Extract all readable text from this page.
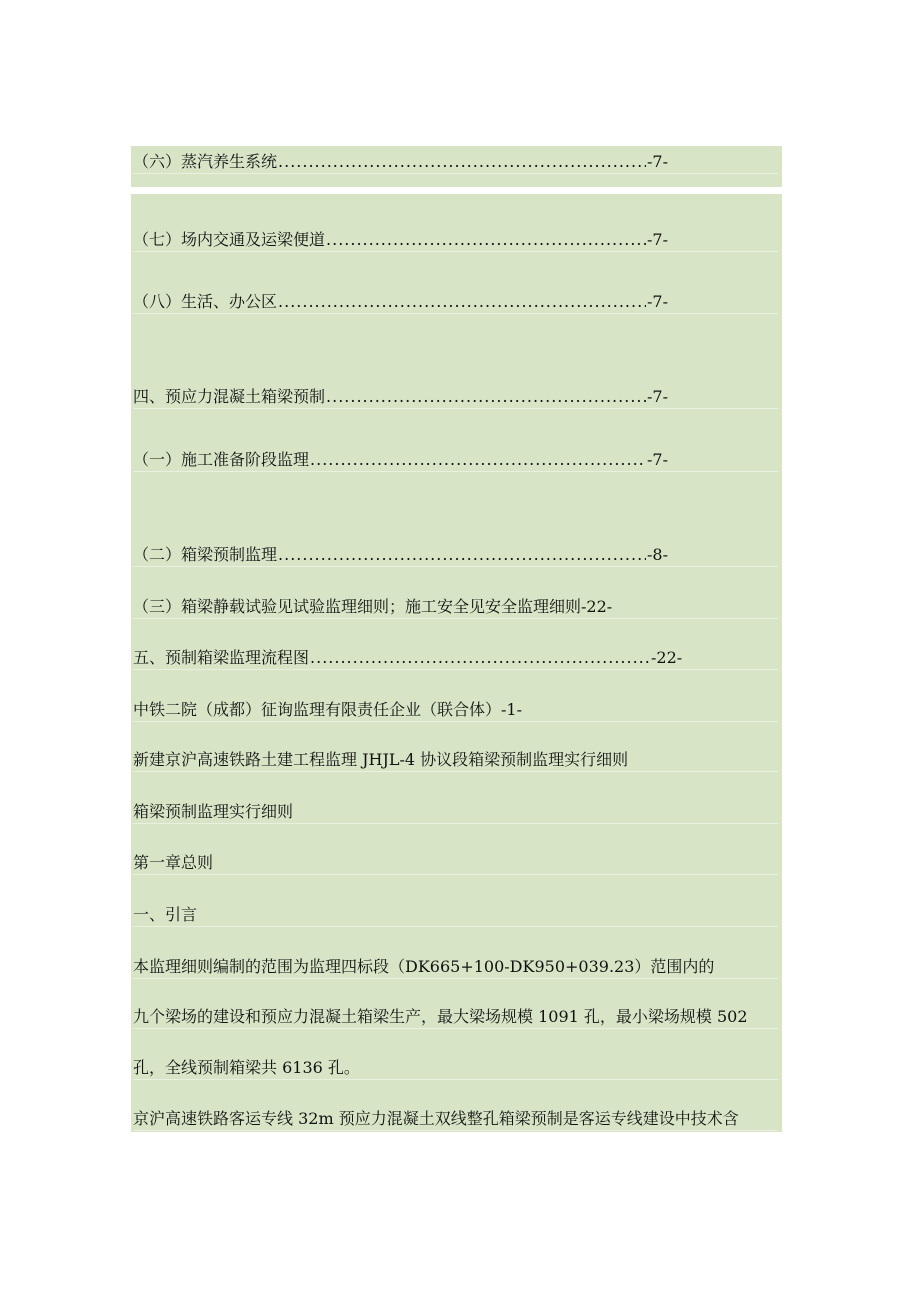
（六）蒸汽养生系统 .....	-7-
（七）场内交通及运梁便道 .....	-7-
（八）生活、办公区 .....	-7-
四、预应力混凝土箱梁预制 .....	-7-
（一）施工准备阶段监理 .....	-7-
（二）箱梁预制监理 .....	-8-
（三）箱梁静载试验见试验监理细则；施工安全见安全监理细则-22-
五、预制箱梁监理流程图 .....	-22-
中铁二院（成都）征询监理有限责任企业（联合体）-1-
新建京沪高速铁路土建工程监理 JHJL-4 协议段箱梁预制监理实行细则
箱梁预制监理实行细则
第一章总则
一、引言
本监理细则编制的范围为监理四标段（DK665+100-DK950+039.23）范围内的
九个梁场的建设和预应力混凝土箱梁生产，最大梁场规模 1091 孔，最小梁场规模 502
孔，全线预制箱梁共 6136 孔。
京沪高速铁路客运专线 32m 预应力混凝土双线整孔箱梁预制是客运专线建设中技术含
